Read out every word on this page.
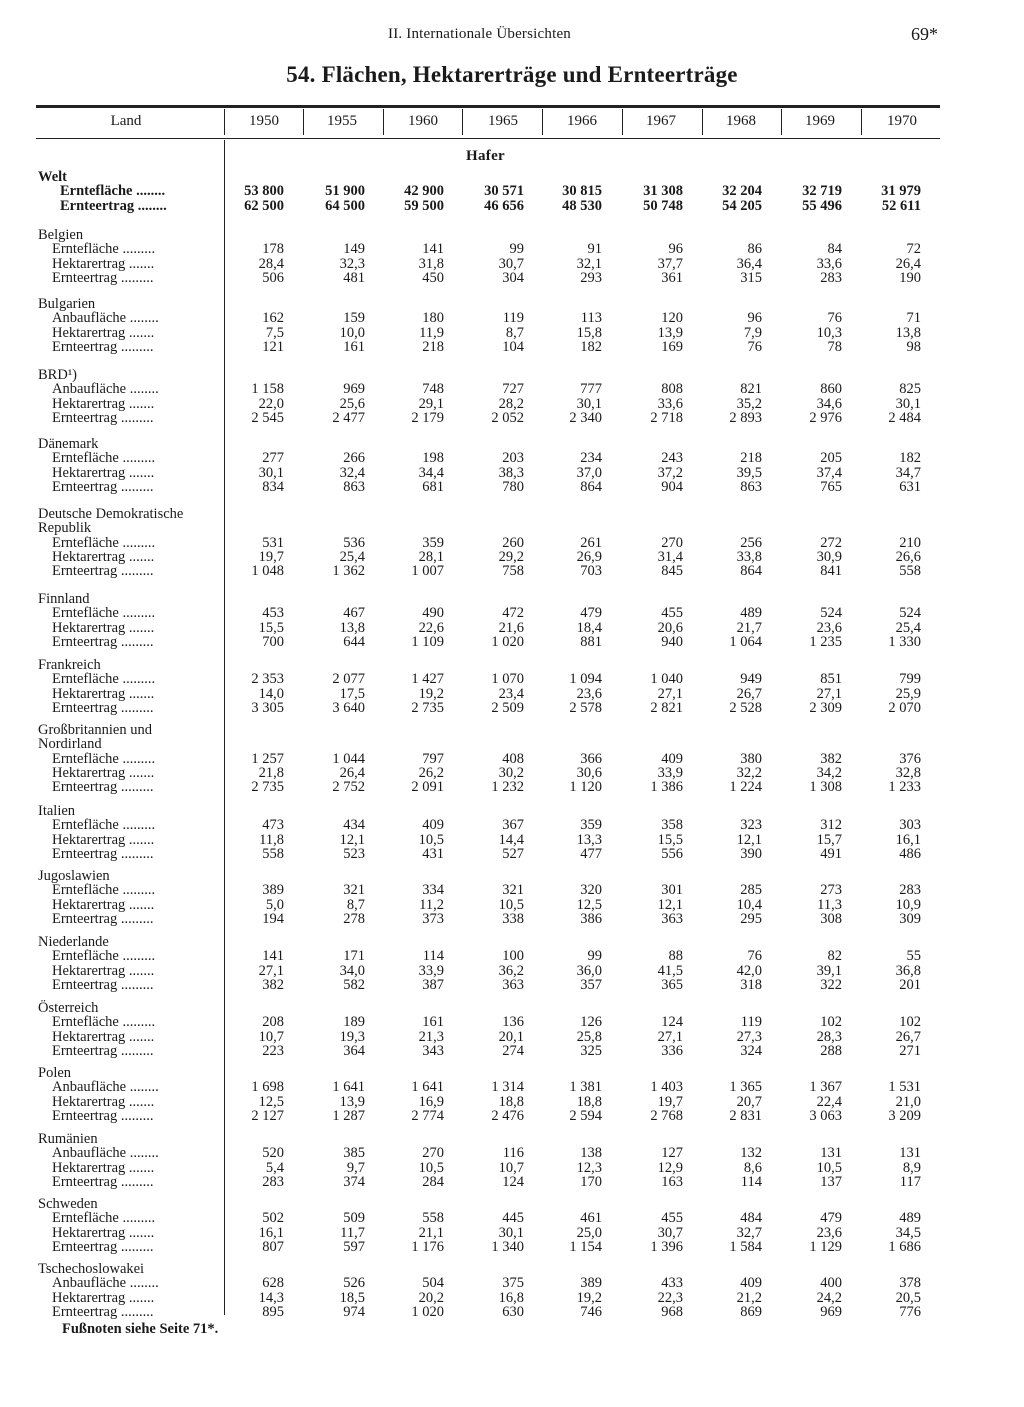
II. Internationale Übersichten	69*
54. Flächen, Hektarerträge und Ernteerträge
Land	1950	1955	1960	1965	1966	1967	1968	1969	1970
Hafer
Welt
Erntefläche ........	53 800	51 900	42 900	30 571	30 815	31 308	32 204	32 719	31 979
Ernteertrag ........	62 500	64 500	59 500	46 656	48 530	50 748	54 205	55 496	52 611
Belgien
Erntefläche .........	178	149	141	99	91	96	86	84	72
Hektarertrag .......	28,4	32,3	31,8	30,7	32,1	37,7	36,4	33,6	26,4
Ernteertrag .........	506	481	450	304	293	361	315	283	190
Bulgarien
Anbaufläche ........	162	159	180	119	113	120	96	76	71
Hektarertrag .......	7,5	10,0	11,9	8,7	15,8	13,9	7,9	10,3	13,8
Ernteertrag .........	121	161	218	104	182	169	76	78	98
BRD¹)
Anbaufläche ........	1 158	969	748	727	777	808	821	860	825
Hektarertrag .......	22,0	25,6	29,1	28,2	30,1	33,6	35,2	34,6	30,1
Ernteertrag .........	2 545	2 477	2 179	2 052	2 340	2 718	2 893	2 976	2 484
Dänemark
Erntefläche .........	277	266	198	203	234	243	218	205	182
Hektarertrag .......	30,1	32,4	34,4	38,3	37,0	37,2	39,5	37,4	34,7
Ernteertrag .........	834	863	681	780	864	904	863	765	631
Deutsche Demokratische
Republik
Erntefläche .........	531	536	359	260	261	270	256	272	210
Hektarertrag .......	19,7	25,4	28,1	29,2	26,9	31,4	33,8	30,9	26,6
Ernteertrag .........	1 048	1 362	1 007	758	703	845	864	841	558
Finnland
Erntefläche .........	453	467	490	472	479	455	489	524	524
Hektarertrag .......	15,5	13,8	22,6	21,6	18,4	20,6	21,7	23,6	25,4
Ernteertrag .........	700	644	1 109	1 020	881	940	1 064	1 235	1 330
Frankreich
Erntefläche .........	2 353	2 077	1 427	1 070	1 094	1 040	949	851	799
Hektarertrag .......	14,0	17,5	19,2	23,4	23,6	27,1	26,7	27,1	25,9
Ernteertrag .........	3 305	3 640	2 735	2 509	2 578	2 821	2 528	2 309	2 070
Großbritannien und
Nordirland
Erntefläche .........	1 257	1 044	797	408	366	409	380	382	376
Hektarertrag .......	21,8	26,4	26,2	30,2	30,6	33,9	32,2	34,2	32,8
Ernteertrag .........	2 735	2 752	2 091	1 232	1 120	1 386	1 224	1 308	1 233
Italien
Erntefläche .........	473	434	409	367	359	358	323	312	303
Hektarertrag .......	11,8	12,1	10,5	14,4	13,3	15,5	12,1	15,7	16,1
Ernteertrag .........	558	523	431	527	477	556	390	491	486
Jugoslawien
Erntefläche .........	389	321	334	321	320	301	285	273	283
Hektarertrag .......	5,0	8,7	11,2	10,5	12,5	12,1	10,4	11,3	10,9
Ernteertrag .........	194	278	373	338	386	363	295	308	309
Niederlande
Erntefläche .........	141	171	114	100	99	88	76	82	55
Hektarertrag .......	27,1	34,0	33,9	36,2	36,0	41,5	42,0	39,1	36,8
Ernteertrag .........	382	582	387	363	357	365	318	322	201
Österreich
Erntefläche .........	208	189	161	136	126	124	119	102	102
Hektarertrag .......	10,7	19,3	21,3	20,1	25,8	27,1	27,3	28,3	26,7
Ernteertrag .........	223	364	343	274	325	336	324	288	271
Polen
Anbaufläche ........	1 698	1 641	1 641	1 314	1 381	1 403	1 365	1 367	1 531
Hektarertrag .......	12,5	13,9	16,9	18,8	18,8	19,7	20,7	22,4	21,0
Ernteertrag .........	2 127	1 287	2 774	2 476	2 594	2 768	2 831	3 063	3 209
Rumänien
Anbaufläche ........	520	385	270	116	138	127	132	131	131
Hektarertrag .......	5,4	9,7	10,5	10,7	12,3	12,9	8,6	10,5	8,9
Ernteertrag .........	283	374	284	124	170	163	114	137	117
Schweden
Erntefläche .........	502	509	558	445	461	455	484	479	489
Hektarertrag .......	16,1	11,7	21,1	30,1	25,0	30,7	32,7	23,6	34,5
Ernteertrag .........	807	597	1 176	1 340	1 154	1 396	1 584	1 129	1 686
Tschechoslowakei
Anbaufläche ........	628	526	504	375	389	433	409	400	378
Hektarertrag .......	14,3	18,5	20,2	16,8	19,2	22,3	21,2	24,2	20,5
Ernteertrag .........	895	974	1 020	630	746	968	869	969	776
Fußnoten siehe Seite 71*.
